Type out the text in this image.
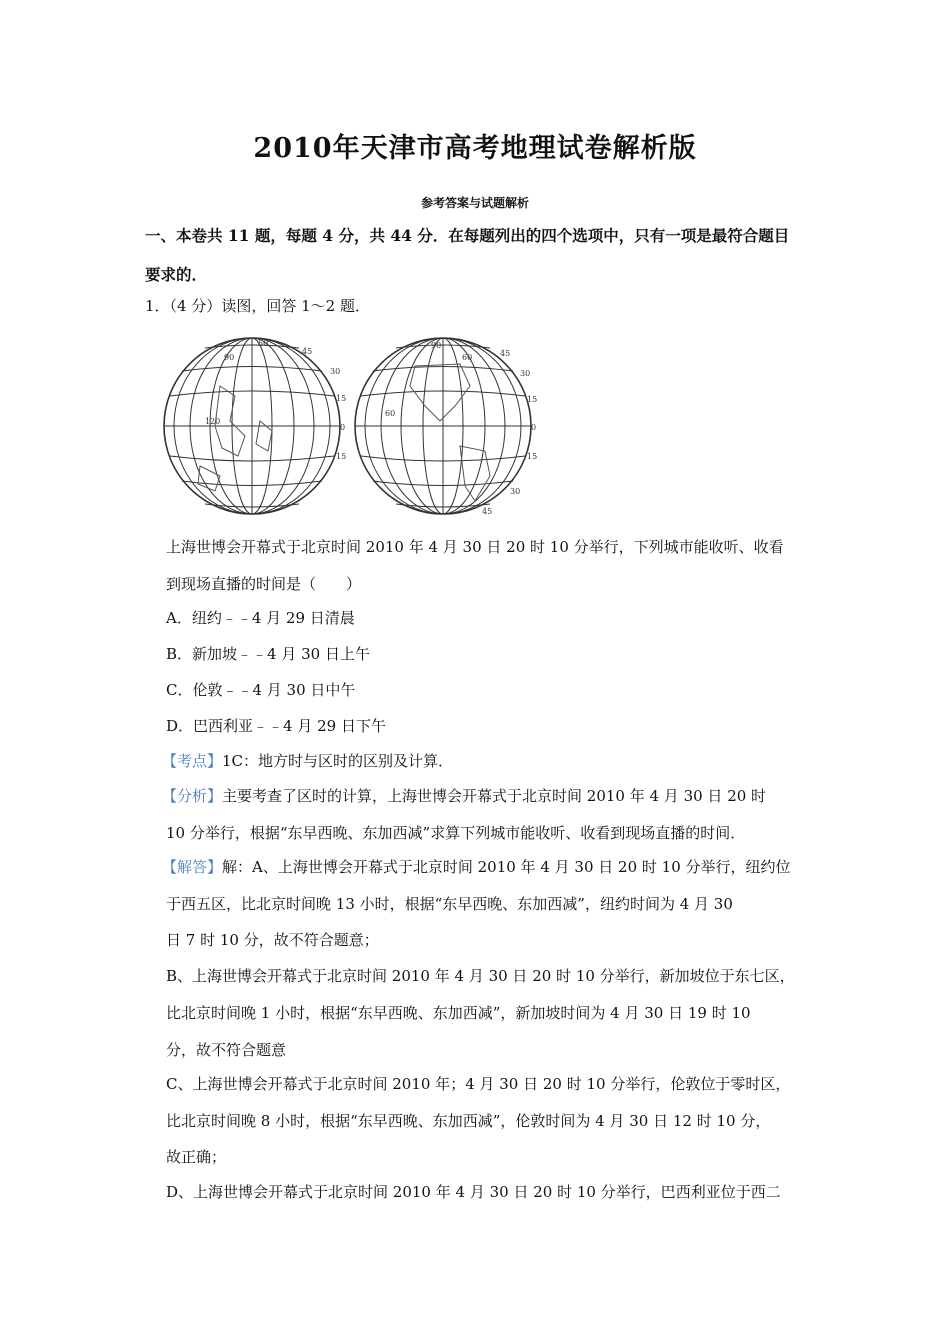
2010年天津市高考地理试卷解析版
参考答案与试题解析
一、本卷共 11 题，每题 4 分，共 44 分．在每题列出的四个选项中，只有一项是最符合题目
要求的．
1．（4 分）读图，回答 1～2 题．
60
90
45
30
120
15
0
15
90
60	45
30
60
15
0
15
30
45
上海世博会开幕式于北京时间 2010 年 4 月 30 日 20 时 10 分举行，下列城市能收听、收看
到现场直播的时间是（　　）
A．纽约﹣﹣4 月 29 日清晨
B．新加坡﹣﹣4 月 30 日上午
C．伦敦﹣﹣4 月 30 日中午
D．巴西利亚﹣﹣4 月 29 日下午
【考点】1C：地方时与区时的区别及计算．
【分析】主要考查了区时的计算，上海世博会开幕式于北京时间 2010 年 4 月 30 日 20 时
10 分举行，根据“东早西晚、东加西减”求算下列城市能收听、收看到现场直播的时间．
【解答】解：A、上海世博会开幕式于北京时间 2010 年 4 月 30 日 20 时 10 分举行，纽约位
于西五区，比北京时间晚 13 小时，根据“东早西晚、东加西减”，纽约时间为 4 月 30
日 7 时 10 分，故不符合题意；
B、上海世博会开幕式于北京时间 2010 年 4 月 30 日 20 时 10 分举行，新加坡位于东七区，
比北京时间晚 1 小时，根据“东早西晚、东加西减”，新加坡时间为 4 月 30 日 19 时 10
分，故不符合题意
C、上海世博会开幕式于北京时间 2010 年；4 月 30 日 20 时 10 分举行，伦敦位于零时区，
比北京时间晚 8 小时，根据“东早西晚、东加西减”，伦敦时间为 4 月 30 日 12 时 10 分，
故正确；
D、上海世博会开幕式于北京时间 2010 年 4 月 30 日 20 时 10 分举行，巴西利亚位于西二
